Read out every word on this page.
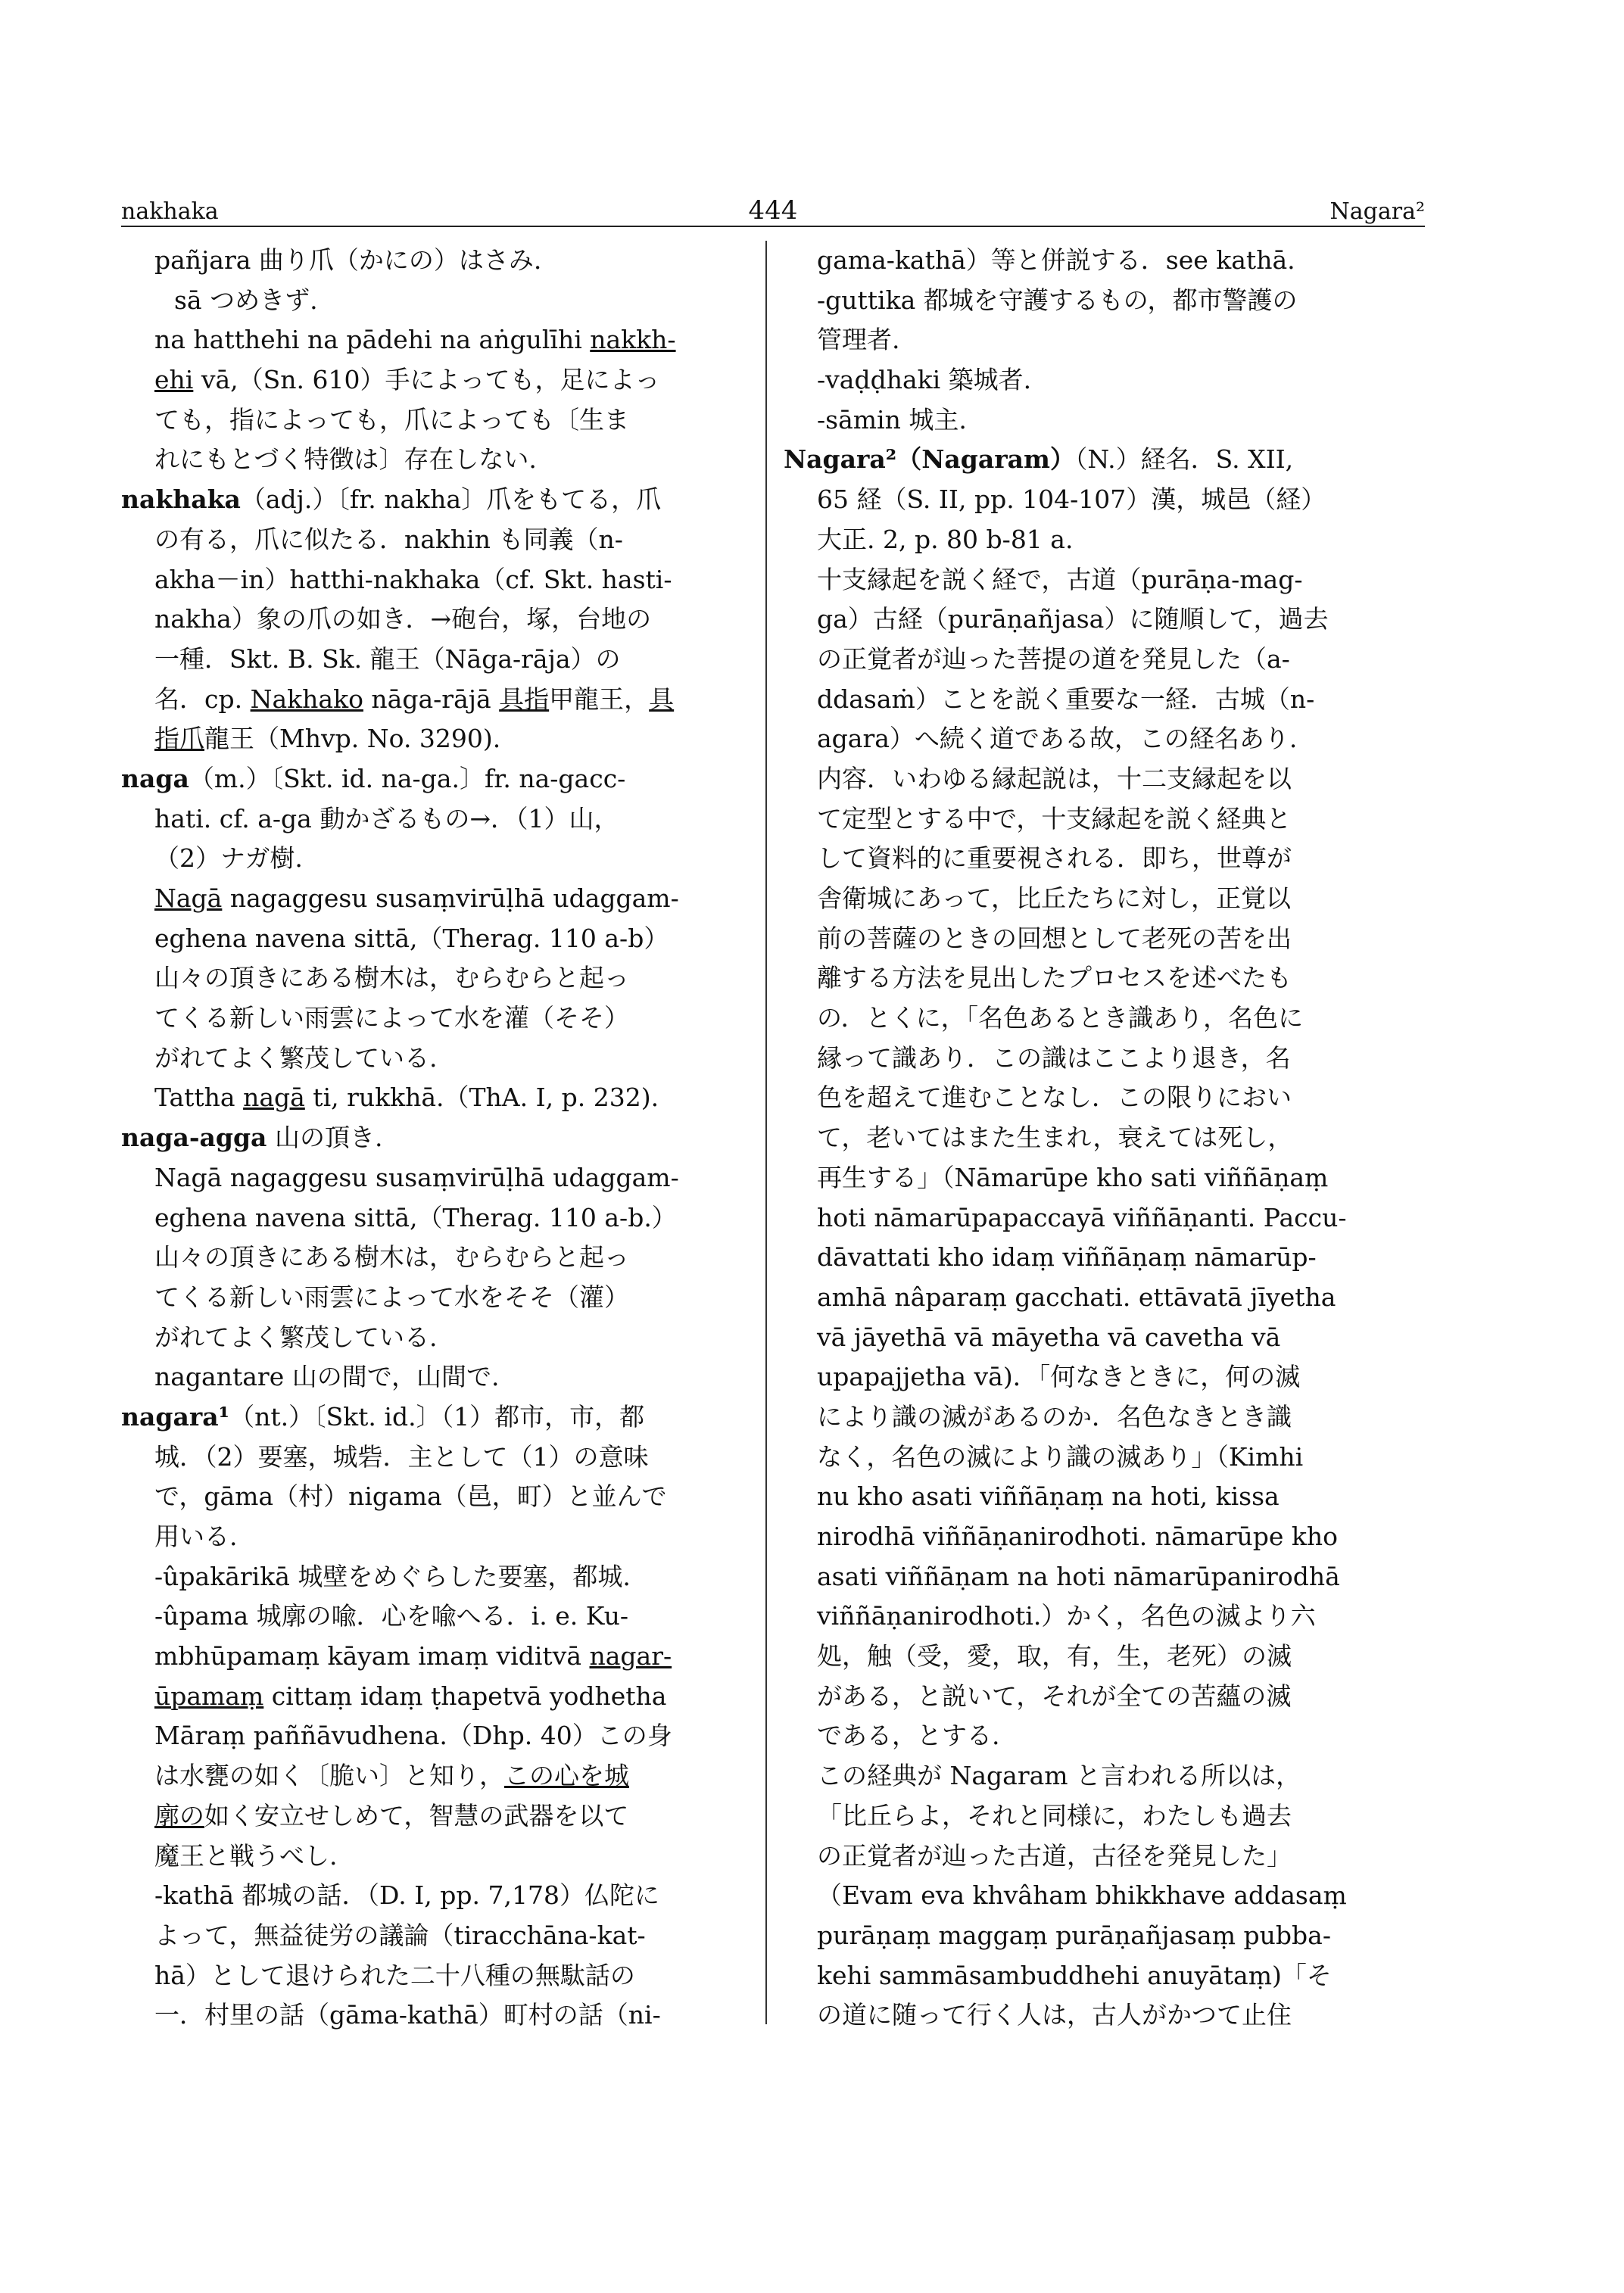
nakhaka	444	Nagara²
pañjara 曲り爪（かにの）はさみ.
sā つめきず.
na hatthehi na pādehi na aṅgulīhi nakkh-
ehi vā,（Sn. 610）手によっても，足によっ
ても，指によっても，爪によっても〔生ま
れにもとづく特徴は〕存在しない.
nakhaka（adj.）〔fr. nakha〕爪をもてる，爪
の有る，爪に似たる．nakhin も同義（n-
akha－in）hatthi-nakhaka（cf. Skt. hasti-
nakha）象の爪の如き．→砲台，塚，台地の
一種．Skt. B. Sk. 龍王（Nāga-rāja）の
名．cp. Nakhako nāga-rājā 具指甲龍王，具
指爪龍王（Mhvp. No. 3290).
naga（m.）〔Skt. id. na-ga.〕fr. na-gacc-
hati. cf. a-ga 動かざるもの→．（1）山，
（2）ナガ樹.
Nagā nagaggesu susaṃvirūḷhā udaggam-
eghena navena sittā,（Therag. 110 a-b）
山々の頂きにある樹木は，むらむらと起っ
てくる新しい雨雲によって水を灌（そそ）
がれてよく繁茂している.
Tattha nagā ti, rukkhā.（ThA. I, p. 232).
naga-agga 山の頂き.
Nagā nagaggesu susaṃvirūḷhā udaggam-
eghena navena sittā,（Therag. 110 a-b.）
山々の頂きにある樹木は，むらむらと起っ
てくる新しい雨雲によって水をそそ（灌）
がれてよく繁茂している.
nagantare 山の間で，山間で.
nagara¹（nt.）〔Skt. id.〕（1）都市，市，都
城．（2）要塞，城砦．主として（1）の意味
で，gāma（村）nigama（邑，町）と並んで
用いる.
-ûpakārikā 城壁をめぐらした要塞，都城.
-ûpama 城廓の喩．心を喩へる．i. e. Ku-
mbhūpamaṃ kāyam imaṃ viditvā nagar-
ūpamaṃ cittaṃ idaṃ ṭhapetvā yodhetha
Māraṃ paññāvudhena.（Dhp. 40）この身
は水甕の如く〔脆い〕と知り，この心を城
廓の如く安立せしめて，智慧の武器を以て
魔王と戦うべし.
-kathā 都城の話．（D. I, pp. 7,178）仏陀に
よって，無益徒労の議論（tiracchāna-kat-
hā）として退けられた二十八種の無駄話の
一．村里の話（gāma-kathā）町村の話（ni-
gama-kathā）等と併説する．see kathā.
-guttika 都城を守護するもの，都市警護の
管理者.
-vaḍḍhaki 築城者.
-sāmin 城主.
Nagara²（Nagaram）（N.）経名．S. XII,
65 経（S. II, pp. 104-107）漢，城邑（経）
大正. 2, p. 80 b-81 a.
十支縁起を説く経で，古道（purāṇa-mag-
ga）古経（purāṇañjasa）に随順して，過去
の正覚者が辿った菩提の道を発見した（a-
ddasaṁ）ことを説く重要な一経．古城（n-
agara）へ続く道である故，この経名あり.
内容．いわゆる縁起説は，十二支縁起を以
て定型とする中で，十支縁起を説く経典と
して資料的に重要視される．即ち，世尊が
舎衛城にあって，比丘たちに対し，正覚以
前の菩薩のときの回想として老死の苦を出
離する方法を見出したプロセスを述べたも
の．とくに，「名色あるとき識あり，名色に
縁って識あり．この識はここより退き，名
色を超えて進むことなし．この限りにおい
て，老いてはまた生まれ，衰えては死し，
再生する」（Nāmarūpe kho sati viññāṇaṃ
hoti nāmarūpapaccayā viññāṇanti. Paccu-
dāvattati kho idaṃ viññāṇaṃ nāmarūp-
amhā nâparaṃ gacchati. ettāvatā jīyetha
vā jāyethā vā māyetha vā cavetha vā
upapajjetha vā)．「何なきときに，何の滅
により識の滅があるのか．名色なきとき識
なく，名色の滅により識の滅あり」（Kimhi
nu kho asati viññāṇaṃ na hoti, kissa
nirodhā viññāṇanirodhoti. nāmarūpe kho
asati viññāṇam na hoti nāmarūpanirodhā
viññāṇanirodhoti.）かく，名色の滅より六
処，触（受，愛，取，有，生，老死）の滅
がある，と説いて，それが全ての苦蘊の滅
である，とする.
この経典が Nagaram と言われる所以は，
「比丘らよ，それと同様に，わたしも過去
の正覚者が辿った古道，古径を発見した」
（Evam eva khvâham bhikkhave addasaṃ
purāṇaṃ maggaṃ purāṇañjasaṃ pubba-
kehi sammāsambuddhehi anuyātaṃ)「そ
の道に随って行く人は，古人がかつて止住
